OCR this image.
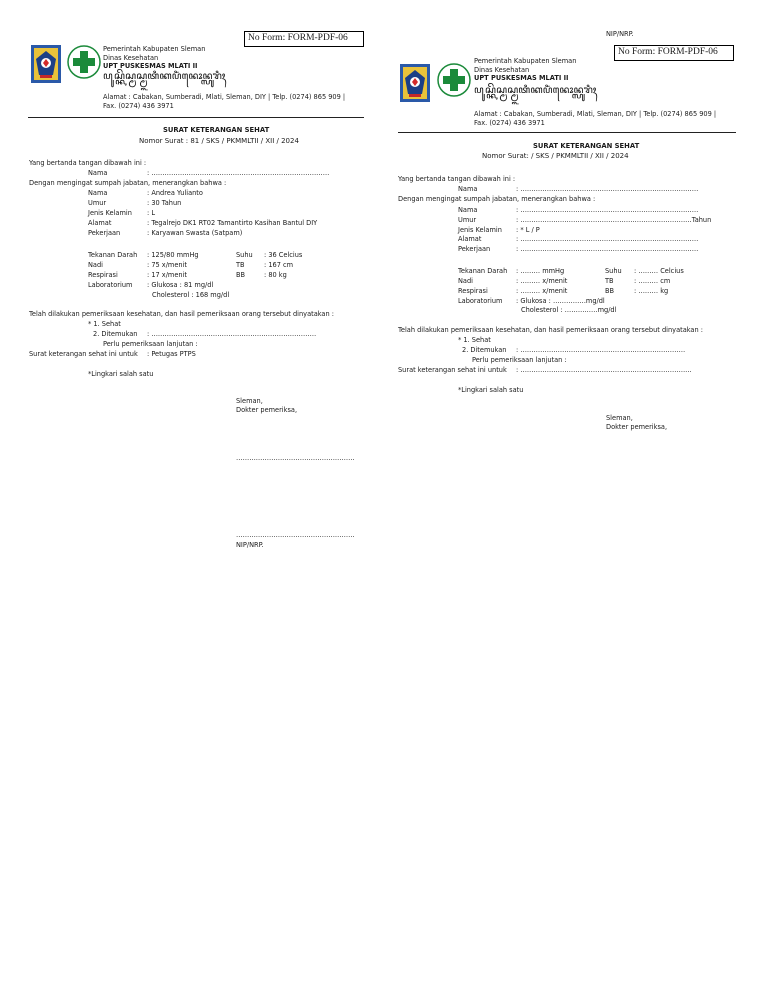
No Form: FORM-PDF-06
Pemerintah Kabupaten Sleman
Dinas Kesehatan
UPT PUSKESMAS MLATI II
ꦥꦸꦱ꧀ꦏꦼꦱ꧀ꦩꦱ꧀ꦩ꧀ꦭꦠꦶꦏꦥꦶꦁꦤꦺꦴꦤ꧀ꦭꦸꦫꦶꦃ
Alamat : Cabakan, Sumberadi, Mlati, Sleman, DIY | Telp. (0274) 865 909 |
Fax. (0274) 436 3971
SURAT KETERANGAN SEHAT
Nomor Surat : 81 / SKS / PKMMLTII / XII / 2024
Yang bertanda tangan dibawah ini :
Nama	: ………………………………………………………………………
Dengan mengingat sumpah jabatan, menerangkan bahwa :
Nama	: Andrea Yulianto
Umur	: 30 Tahun
Jenis Kelamin : L
Alamat	: Tegalrejo DK1 RT02 Tamantirto Kasihan Bantul DIY
Pekerjaan	: Karyawan Swasta (Satpam)
Tekanan Darah : 125/80 mmHg	Suhu : 36 Celcius
Nadi	: 75 x/menit	TB	: 167 cm
Respirasi	: 17 x/menit	BB	: 80 kg
Laboratorium : Glukosa : 81 mg/dl
Cholesterol : 168 mg/dl
Telah dilakukan pemeriksaan kesehatan, dan hasil pemeriksaan orang tersebut dinyatakan :
* 1. Sehat
2. Ditemukan : …………………………………………………………………
Perlu pemeriksaan lanjutan :
Surat keterangan sehat ini untuk : Petugas PTPS
*Lingkari salah satu
Sleman,
Dokter pemeriksa,
………………………………………………
………………………………………………
NIP/NRP.
NIP/NRP.
No Form: FORM-PDF-06
Pemerintah Kabupaten Sleman
Dinas Kesehatan
UPT PUSKESMAS MLATI II
ꦥꦸꦱ꧀ꦏꦼꦱ꧀ꦩꦱ꧀ꦩ꧀ꦭꦠꦶꦏꦥꦶꦁꦤꦺꦴꦤ꧀ꦭꦸꦫꦶꦃ
Alamat : Cabakan, Sumberadi, Mlati, Sleman, DIY | Telp. (0274) 865 909 |
Fax. (0274) 436 3971
SURAT KETERANGAN SEHAT
Nomor Surat: / SKS / PKMMLTII / XII / 2024
Yang bertanda tangan dibawah ini :
Nama	: ………………………………………………………………………
Dengan mengingat sumpah jabatan, menerangkan bahwa :
Nama	: ………………………………………………………………………
Umur	: ……………………………………………………………………Tahun
Jenis Kelamin : * L / P
Alamat	: ………………………………………………………………………
Pekerjaan	: ………………………………………………………………………
Tekanan Darah : ……… mmHg	Suhu : ……… Celcius
Nadi	: ……… x/menit	TB	: ……… cm
Respirasi	: ……… x/menit	BB	: ……… kg
Laboratorium : Glukosa : ……………mg/dl
Cholesterol : ……………mg/dl
Telah dilakukan pemeriksaan kesehatan, dan hasil pemeriksaan orang tersebut dinyatakan :
* 1. Sehat
2. Ditemukan : …………………………………………………………………
Perlu pemeriksaan lanjutan :
Surat keterangan sehat ini untuk : ……………………………………………………………………
*Lingkari salah satu
Sleman,
Dokter pemeriksa,
